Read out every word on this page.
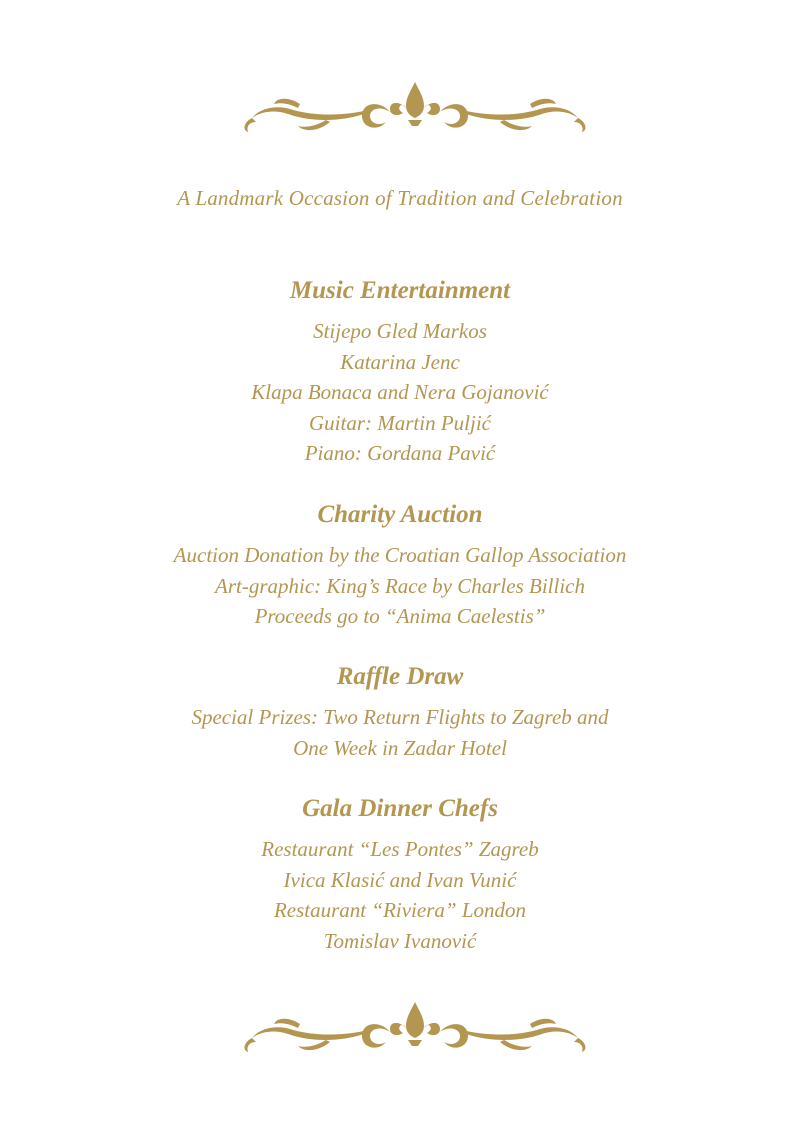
A Landmark Occasion of Tradition and Celebration

Music Entertainment

Stijepo Gled Markos

Katarina Jenc

Klapa Bonaca and Nera Gojanović

Guitar: Martin Puljić

Piano: Gordana Pavić

Charity Auction

Auction Donation by the Croatian Gallop Association

Art-graphic: King’s Race by Charles Billich

Proceeds go to “Anima Caelestis”

Raffle Draw

Special Prizes: Two Return Flights to Zagreb and

One Week in Zadar Hotel

Gala Dinner Chefs

Restaurant “Les Pontes” Zagreb

Ivica Klasić and Ivan Vunić

Restaurant “Riviera” London

Tomislav Ivanović
